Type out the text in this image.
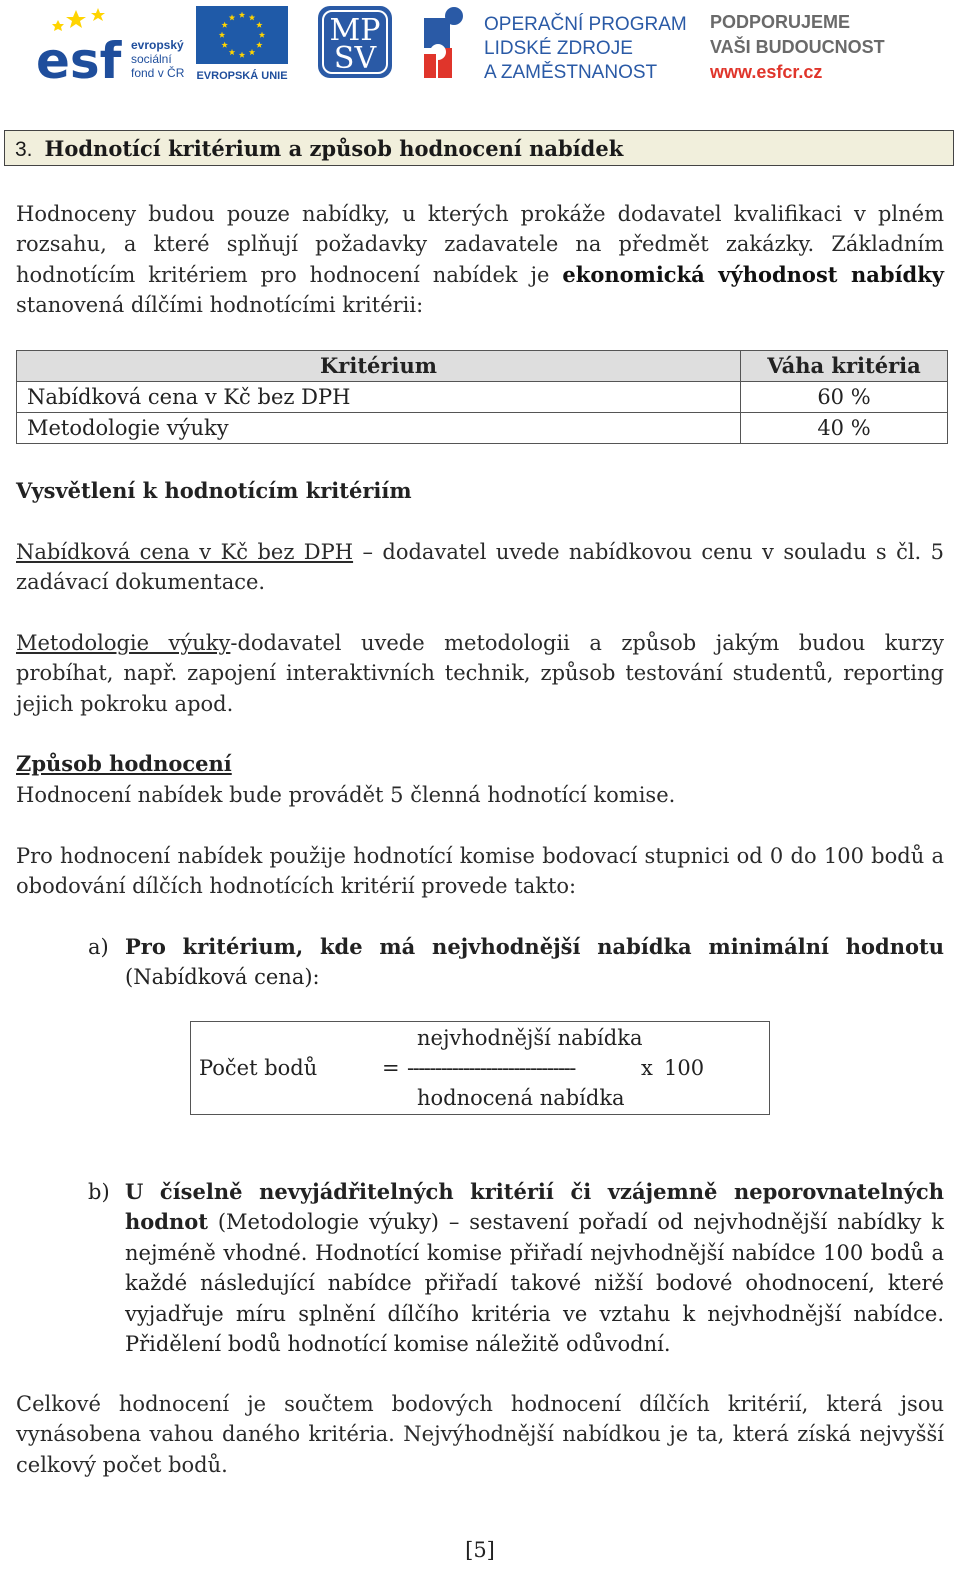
esf evropský
sociální
fond v ČR EVROPSKÁ UNIE
MP
SV
OPERAČNÍ PROGRAM
LIDSKÉ ZDROJE
A ZAMĚSTNANOST
PODPORUJEME
VAŠI BUDOUCNOST
www.esfcr.cz
3. Hodnotící kritérium a způsob hodnocení nabídek
Hodnoceny budou pouze nabídky, u kterých prokáže dodavatel kvalifikaci v plném rozsahu, a které splňují požadavky zadavatele na předmět zakázky. Základním hodnotícím kritériem pro hodnocení nabídek je ekonomická výhodnost nabídky stanovená dílčími hodnotícími kritérii:
Kritérium	Váha kritéria
Nabídková cena v Kč bez DPH	60 %
Metodologie výuky	40 %
Vysvětlení k hodnotícím kritériím
Nabídková cena v Kč bez DPH – dodavatel uvede nabídkovou cenu v souladu s čl. 5 zadávací dokumentace.
Metodologie výuky-dodavatel uvede metodologii a způsob jakým budou kurzy probíhat, např. zapojení interaktivních technik, způsob testování studentů, reporting jejich pokroku apod.
Způsob hodnocení
Hodnocení nabídek bude provádět 5 členná hodnotící komise.
Pro hodnocení nabídek použije hodnotící komise bodovací stupnici od 0 do 100 bodů a obodování dílčích hodnotících kritérií provede takto:
a) Pro kritérium, kde má nejvhodnější nabídka minimální hodnotu (Nabídková cena):
Počet bodů
nejvhodnější nabídka
= ------------------------------	x 100
hodnocená nabídka
b) U číselně nevyjádřitelných kritérií či vzájemně neporovnatelných hodnot (Metodologie výuky) – sestavení pořadí od nejvhodnější nabídky k nejméně vhodné. Hodnotící komise přiřadí nejvhodnější nabídce 100 bodů a každé následující nabídce přiřadí takové nižší bodové ohodnocení, které vyjadřuje míru splnění dílčího kritéria ve vztahu k nejvhodnější nabídce. Přidělení bodů hodnotící komise náležitě odůvodní.
Celkové hodnocení je součtem bodových hodnocení dílčích kritérií, která jsou vynásobena vahou daného kritéria. Nejvýhodnější nabídkou je ta, která získá nejvyšší celkový počet bodů.
[5]
